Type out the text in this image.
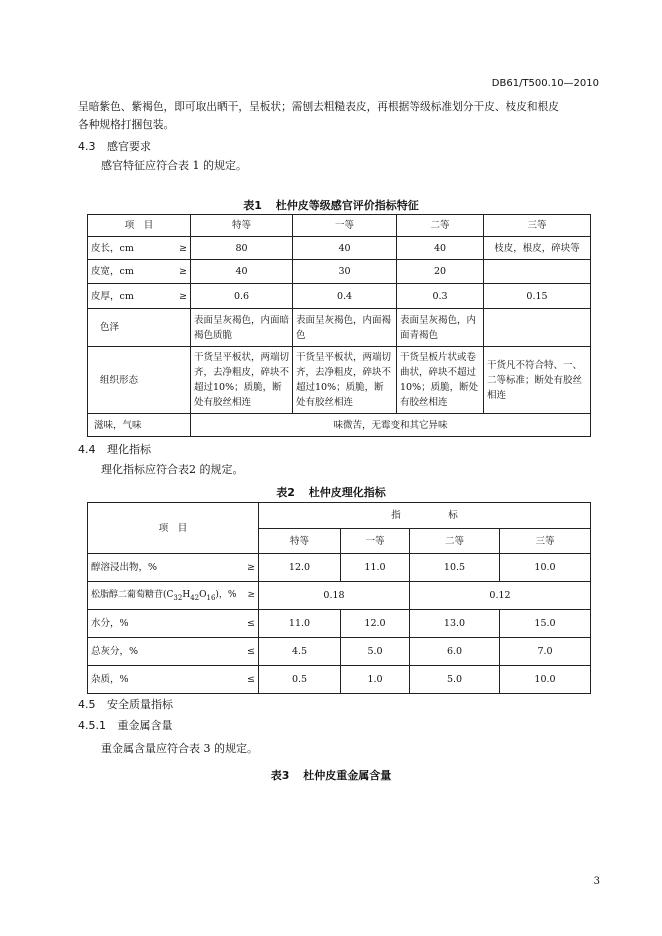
DB61/T500.10—2010
呈暗紫色、紫褐色，即可取出晒干，呈板状；需刨去粗糙表皮，再根据等级标准划分干皮、枝皮和根皮
各种规格打捆包装。
4.3 感官要求
感官特征应符合表 1 的规定。
表1 杜仲皮等级感官评价指标特征
项　目	特等	一等	二等	三等

皮长，cm ≥	80	40	40	枝皮，根皮，碎块等

皮宽，cm ≥	40	30	20	

皮厚，cm ≥	0.6	0.4	0.3	0.15
色泽	表面呈灰褐色，内面暗褐色质脆	表面呈灰褐色，内面褐色	表面呈灰褐色，内面青褐色	
组织形态	干货呈平板状，两端切齐，去净粗皮，碎块不超过10%；质脆，断处有胶丝相连	干货呈平板状，两端切齐，去净粗皮，碎块不超过10%；质脆，断处有胶丝相连	干货呈板片状或卷曲状，碎块不超过10%；质脆，断处有胶丝相连	干货凡不符合特、一、二等标准；断处有胶丝相连
滋味，气味	味微苦，无霉变和其它异味			
4.4 理化指标
理化指标应符合表2 的规定。
表2 杜仲皮理化指标
项　目	指　　　　　标			
	特等	一等	二等	三等

醇溶浸出物，% ≥	12.0	11.0	10.5	10.0

松脂醇二葡萄糖苷$(C_{32}H_{42}O_{16})$，% ≥	0.18		0.12	

水分，% ≤	11.0	12.0	13.0	15.0

总灰分，% ≤	4.5	5.0	6.0	7.0

杂质，% ≤	0.5	1.0	5.0	10.0
4.5 安全质量指标
4.5.1 重金属含量
重金属含量应符合表 3 的规定。
表3 杜仲皮重金属含量
3
